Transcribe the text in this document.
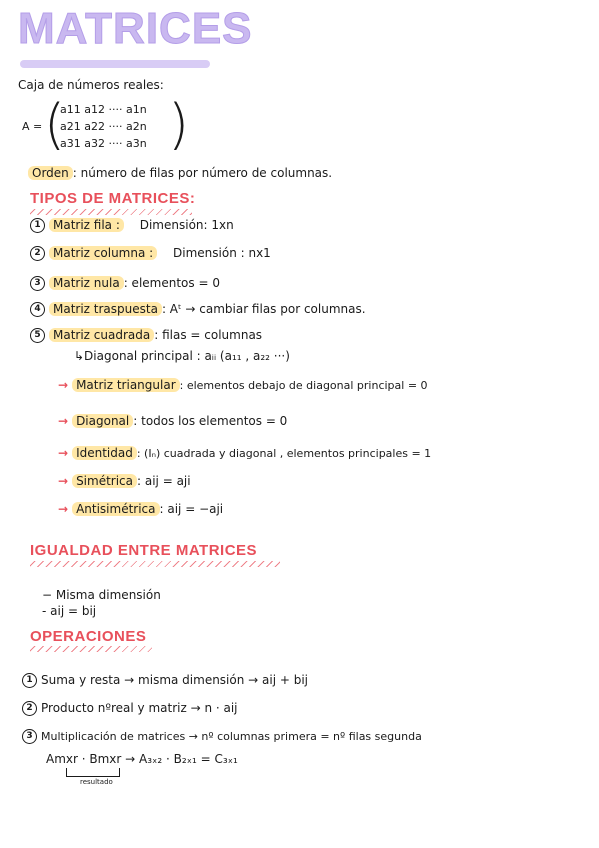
MATRICES
Caja de números reales:
A = (
a11 a12 ···· a1n
a21 a22 ···· a2n
a31 a32 ···· a3n )
Orden : número de filas por número de columnas.
TIPOS DE MATRICES:
1 Matriz fila : Dimensión: 1xn
2 Matriz columna : Dimensión : nx1
3 Matriz nula : elementos = 0
4 Matriz traspuesta : Aᵗ → cambiar filas por columnas.
5 Matriz cuadrada : filas = columnas
↳Diagonal principal : aᵢᵢ (a₁₁ , a₂₂ ···)
→ Matriz triangular : elementos debajo de diagonal principal = 0
→ Diagonal : todos los elementos = 0
→ Identidad : (Iₙ) cuadrada y diagonal , elementos principales = 1
→ Simétrica : aij = aji
→ Antisimétrica : aij = −aji
IGUALDAD ENTRE MATRICES
− Misma dimensión
- aij = bij
OPERACIONES
1 Suma y resta → misma dimensión → aij + bij
2 Producto nºreal y matriz → n · aij
3 Multiplicación de matrices → nº columnas primera = nº filas segunda
Amxr · Bmxr → A₃ₓ₂ · B₂ₓ₁ = C₃ₓ₁
resultado
